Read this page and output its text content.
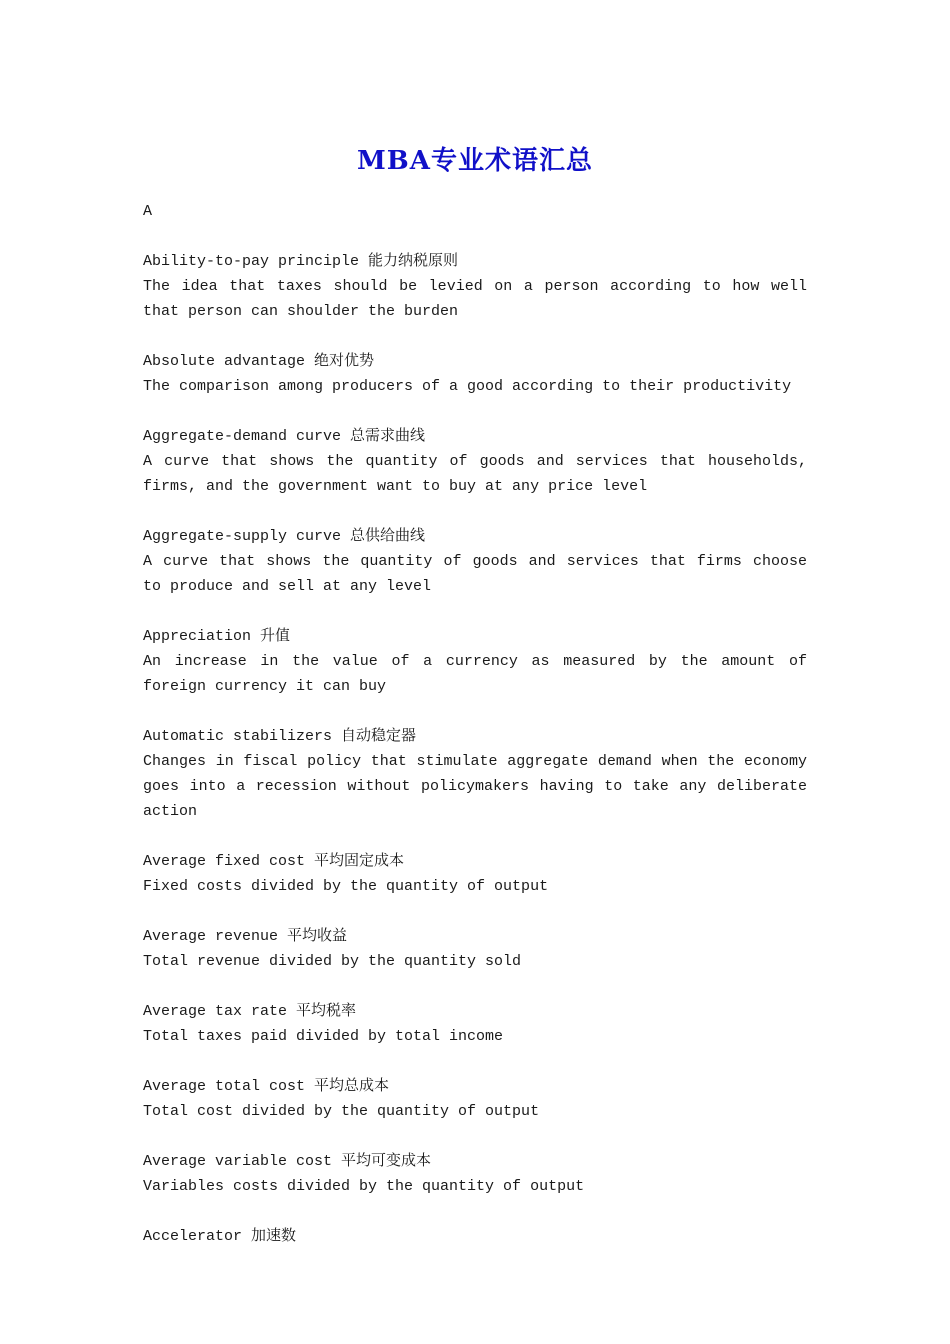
MBA专业术语汇总
A
Ability-to-pay principle 能力纳税原则
The idea that taxes should be levied on a person according to how well that person can shoulder the burden
Absolute advantage 绝对优势
The comparison among producers of a good according to their productivity
Aggregate-demand curve 总需求曲线
A curve that shows the quantity of goods and services that households, firms, and the government want to buy at any price level
Aggregate-supply curve 总供给曲线
A curve that shows the quantity of goods and services that firms choose to produce and sell at any level
Appreciation 升值
An increase in the value of a currency as measured by the amount of foreign currency it can buy
Automatic stabilizers 自动稳定器
Changes in fiscal policy that stimulate aggregate demand when the economy goes into a recession without policymakers having to take any deliberate action
Average fixed cost 平均固定成本
Fixed costs divided by the quantity of output
Average revenue 平均收益
Total revenue divided by the quantity sold
Average tax rate 平均税率
Total taxes paid divided by total income
Average total cost 平均总成本
Total cost divided by the quantity of output
Average variable cost 平均可变成本
Variables costs divided by the quantity of output
Accelerator 加速数
